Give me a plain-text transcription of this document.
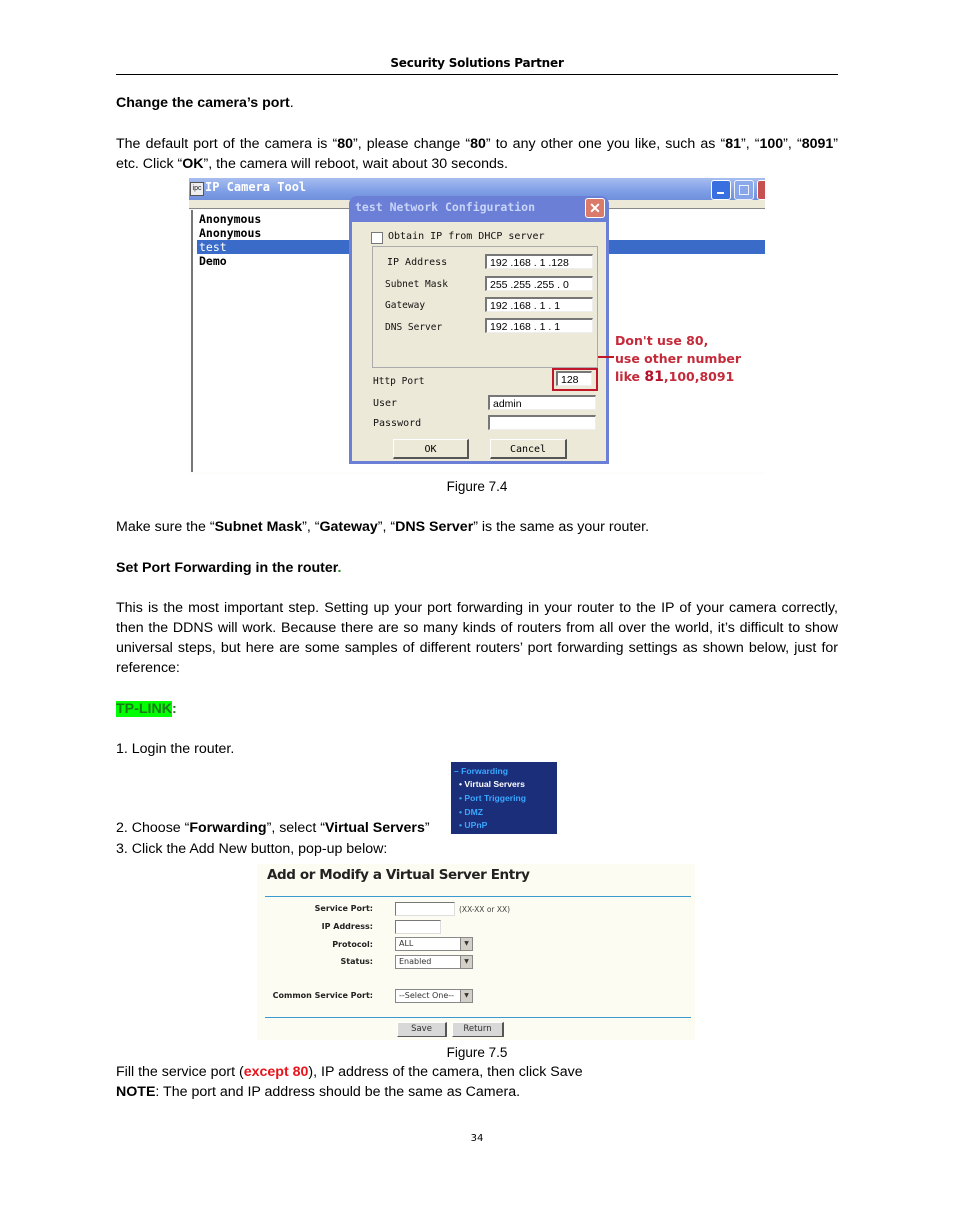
Security Solutions Partner
Change the camera’s port.
The default port of the camera is “80”, please change “80” to any other one you like, such as “81”, “100”, “8091” etc. Click “OK”, the camera will reboot, wait about 30 seconds.
ipc IP Camera Tool
Anonymous
Anonymous
test
Demo
test Network Configuration	✕
Obtain IP from DHCP server
IP Address	192 .168 . 1 .128
Subnet Mask	255 .255 .255 . 0
Gateway	192 .168 . 1 . 1
DNS Server	192 .168 . 1 . 1
Http Port	128
User	admin
Password
OK	Cancel
Don't use 80,
use other number
like 81,100,8091
Figure 7.4
Make sure the “Subnet Mask”, “Gateway”, “DNS Server” is the same as your router.
Set Port Forwarding in the router.
This is the most important step. Setting up your port forwarding in your router to the IP of your camera correctly, then the DDNS will work. Because there are so many kinds of routers from all over the world, it’s difficult to show universal steps, but here are some samples of different routers’ port forwarding settings as shown below, just for reference:
TP-LINK:
1. Login the router.
– Forwarding
• Virtual Servers
• Port Triggering
• DMZ
• UPnP
2. Choose “Forwarding”, select “Virtual Servers”
3. Click the Add New button, pop-up below:
Add or Modify a Virtual Server Entry
Service Port:	(XX-XX or XX)
IP Address:
Protocol:	ALL	▼
Status:	Enabled	▼
Common Service Port:	--Select One--	▼
Save	Return
Figure 7.5
Fill the service port (except 80), IP address of the camera, then click Save
NOTE: The port and IP address should be the same as Camera.
34
